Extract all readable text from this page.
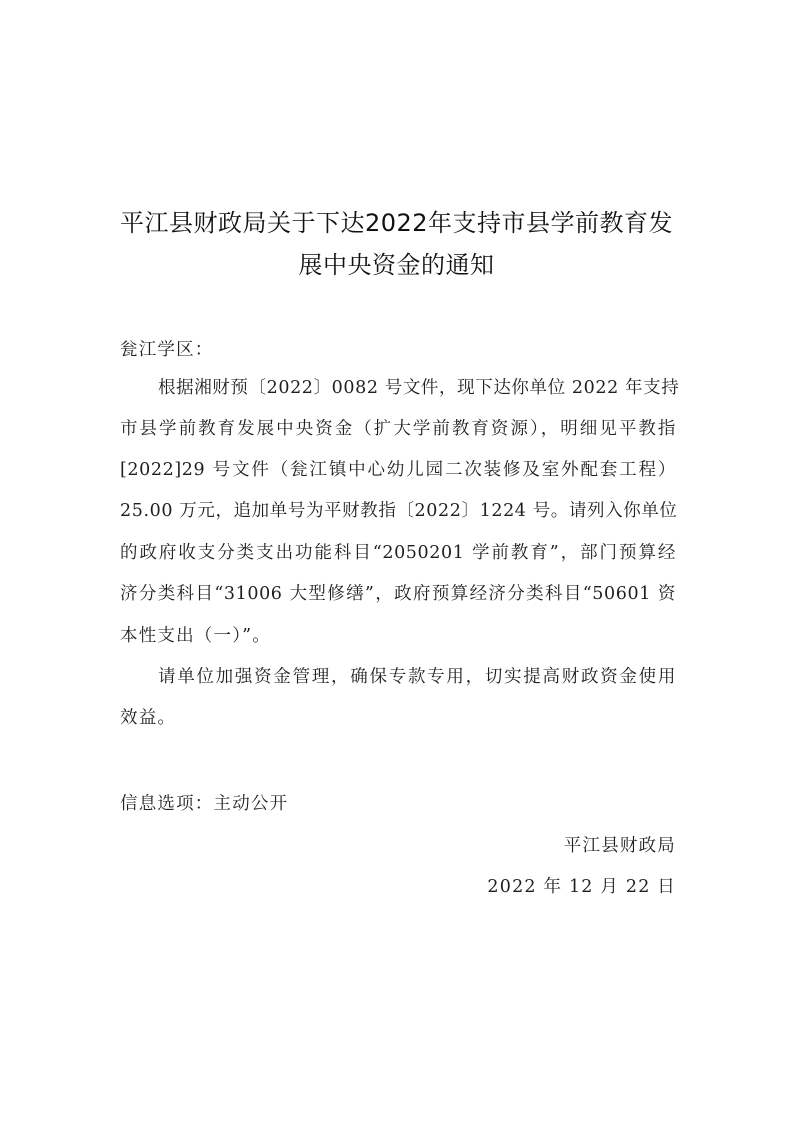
平江县财政局关于下达2022年支持市县学前教育发
展中央资金的通知
瓮江学区：
根据湘财预〔2022〕0082 号文件，现下达你单位 2022 年支持
市县学前教育发展中央资金（扩大学前教育资源），明细见平教指
[2022]29 号文件（瓮江镇中心幼儿园二次装修及室外配套工程）
25.00 万元，追加单号为平财教指〔2022〕1224 号。请列入你单位
的政府收支分类支出功能科目“2050201 学前教育”，部门预算经
济分类科目“31006 大型修缮”，政府预算经济分类科目“50601 资
本性支出（一）”。
请单位加强资金管理，确保专款专用，切实提高财政资金使用
效益。
信息选项：主动公开
平江县财政局
2022 年 12 月 22 日
